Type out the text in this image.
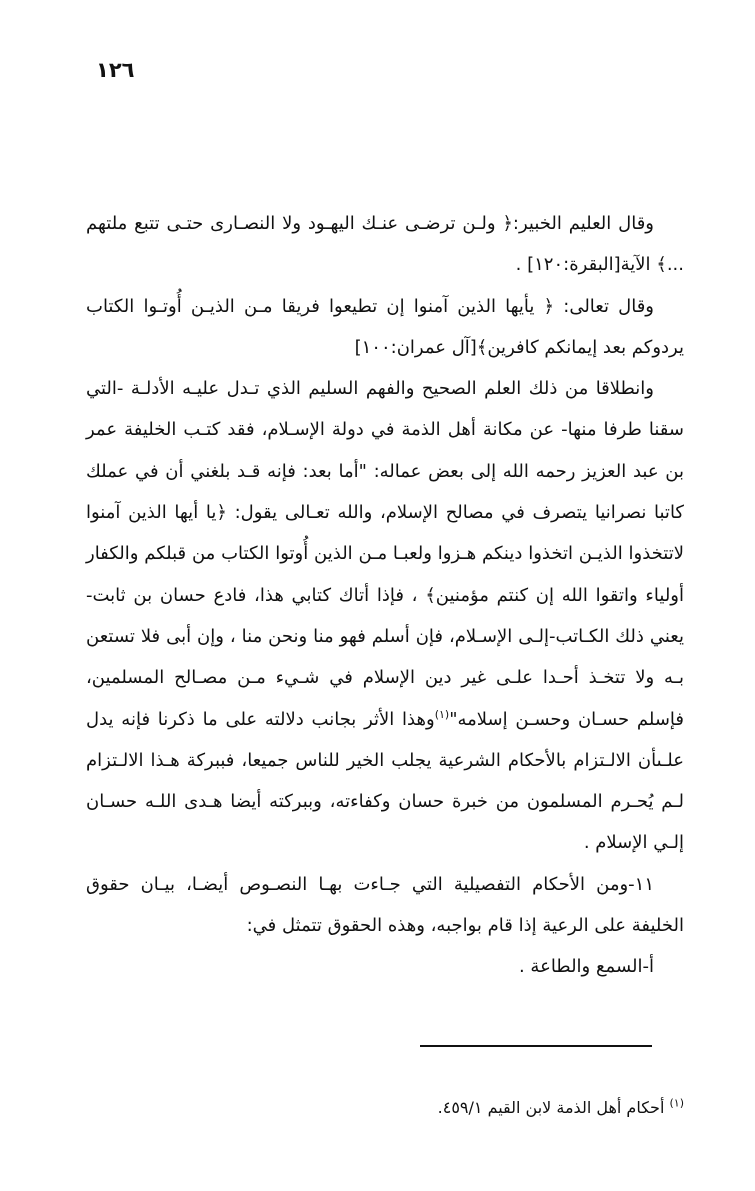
١٢٦

وقال العليم الخبير:﴿ ولـن ترضـى عنـك اليهـود ولا النصـارى حتـى تتبع ملتهم ...﴾ الآية[البقرة:١٢٠] .

وقال تعالى: ﴿ يأيها الذين آمنوا إن تطيعوا فريقا مـن الذيـن أُوتـوا الكتاب يردوكم بعد إيمانكم كافرين﴾[آل عمران:١٠٠]

وانطلاقا من ذلك العلم الصحيح والفهم السليم الذي تـدل عليـه الأدلـة -التي سقنا طرفا منها- عن مكانة أهل الذمة في دولة الإسـلام، فقد كتـب الخليفة عمر بن عبد العزيز رحمه الله إلى بعض عماله: "أما بعد: فإنه قـد بلغني أن في عملك كاتبا نصرانيا يتصرف في مصالح الإسلام، والله تعـالى يقول: ﴿يا أيها الذين آمنوا لاتتخذوا الذيـن اتخذوا دينكم هـزوا ولعبـا مـن الذين أُوتوا الكتاب من قبلكم والكفار أولياء واتقوا الله إن كنتم مؤمنين﴾ ، فإذا أتاك كتابي هذا، فادع حسان بن ثابت-يعني ذلك الكـاتب-إلـى الإسـلام، فإن أسلم فهو منا ونحن منا ، وإن أبى فلا تستعن بـه ولا تتخـذ أحـدا علـى غير دين الإسلام في شـيء مـن مصـالح المسلمين، فإسلم حسـان وحسـن إسلامه"$^{(١)}$وهذا الأثر بجانب دلالته على ما ذكرنا فإنه يدل علـىأن الالـتزام بالأحكام الشرعية يجلب الخير للناس جميعا، فببركة هـذا الالـتزام لـم يُحـرم المسلمون من خبرة حسان وكفاءته، وببركته أيضا هـدى اللـه حسـان إلـي الإسلام .

١١-ومن الأحكام التفصيلية التي جـاءت بهـا النصـوص أيضـا، بيـان حقوق الخليفة على الرعية إذا قام بواجبه، وهذه الحقوق تتمثل في:

أ-السمع والطاعة .

$^{(١)}$ أحكام أهل الذمة لابن القيم ٤٥٩/١.
